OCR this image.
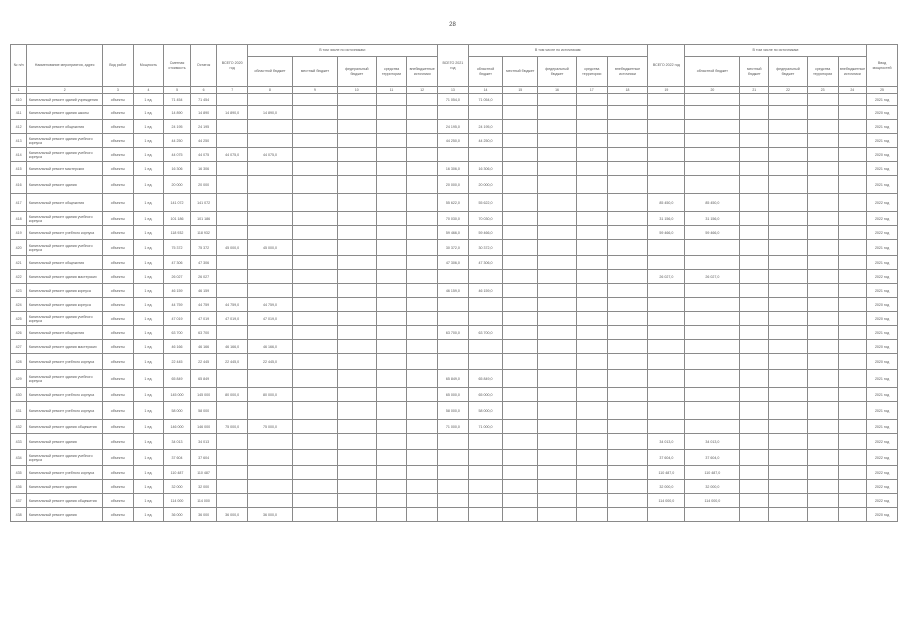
28
№ п/п	Наименование мероприятия, адрес	Вид работ	Мощность	Сметная стоимость	Остаток	ВСЕГО 2020 год	В том числе по источникам:					ВСЕГО 2021 год	В том числе по источникам:					ВСЕГО 2022 год	В том числе по источникам:					Ввод мощностей
							областной бюджет	местный бюджет	федеральный бюджет	средства территории	внебюджетные источники		областной бюджет	местный бюджет	федеральный бюджет	средства территории	внебюджетные источники		областной бюджет	местный бюджет	федеральный бюджет	средства территории	внебюджетные источники	
1	2	3	4	5	6	7	8	9	10	11	12	13	14	15	16	17	18	19	20	21	22	23	24	25
410	Капитальный ремонт зданий учреждения	объекты	1 ед.	71 454	71 454							71 054,0	71 054,0											2021 год
411	Капитальный ремонт здания школы	объекты	1 ед.	14 890	14 890	14 890,0	14 890,0																	2020 год
412	Капитальный ремонт общежития	объекты	1 ед.	24 195	24 195							24 195,0	24 195,0											2021 год
413	Капитальный ремонт здания учебного корпуса	объекты	1 ед.	44 250	44 250							44 250,0	44 250,0											2021 год
414	Капитальный ремонт здания учебного корпуса	объекты	1 ед.	44 075	44 075	44 075,0	44 075,0																	2020 год
415	Капитальный ремонт мастерских	объекты	1 ед.	16 306	16 306							16 306,0	16 306,0											2021 год
416	Капитальный ремонт здания	объекты	1 ед.	20 000	20 000							20 000,0	20 000,0											2021 год
417	Капитальный ремонт общежития	объекты	1 ед.	141 072	141 072							55 622,0	55 622,0					85 450,0	85 450,0					2022 год
418	Капитальный ремонт здания учебного корпуса	объекты	1 ед.	101 186	101 186							70 030,0	70 030,0					31 156,0	31 156,0					2022 год
419	Капитальный ремонт учебного корпуса	объекты	1 ед.	118 932	118 932							59 466,0	59 466,0					59 466,0	59 466,0					2022 год
420	Капитальный ремонт здания учебного корпуса	объекты	1 ед.	75 372	75 372	45 000,0	45 000,0					30 372,0	30 372,0											2021 год
421	Капитальный ремонт общежития	объекты	1 ед.	47 306	47 306							47 306,0	47 306,0											2021 год
422	Капитальный ремонт здания мастерских	объекты	1 ед.	26 027	26 027													26 027,0	26 027,0					2022 год
423	Капитальный ремонт здания корпуса	объекты	1 ед.	46 159	46 159							46 159,0	46 159,0											2021 год
424	Капитальный ремонт здания корпуса	объекты	1 ед.	44 759	44 759	44 759,0	44 759,0																	2020 год
425	Капитальный ремонт здания учебного корпуса	объекты	1 ед.	47 019	47 019	47 019,0	47 019,0																	2020 год
426	Капитальный ремонт общежития	объекты	1 ед.	63 700	63 700							63 700,0	63 700,0											2021 год
427	Капитальный ремонт здания мастерских	объекты	1 ед.	46 166	46 166	46 166,0	46 166,0																	2020 год
428	Капитальный ремонт учебного корпуса	объекты	1 ед.	22 445	22 445	22 445,0	22 445,0																	2020 год
429	Капитальный ремонт здания учебного корпуса	объекты	1 ед.	65 849	65 849							65 849,0	65 849,0											2021 год
430	Капитальный ремонт учебного корпуса	объекты	1 ед.	145 000	145 000	80 000,0	80 000,0					65 000,0	65 000,0											2021 год
431	Капитальный ремонт учебного корпуса	объекты	1 ед.	58 000	58 000							58 000,0	58 000,0											2021 год
432	Капитальный ремонт здания общежития	объекты	1 ед.	146 000	146 000	75 000,0	75 000,0					71 000,0	71 000,0											2021 год
433	Капитальный ремонт здания	объекты	1 ед.	34 013	34 013													34 013,0	34 013,0					2022 год
434	Капитальный ремонт здания учебного корпуса	объекты	1 ед.	37 604	37 604													37 604,0	37 604,0					2022 год
435	Капитальный ремонт учебного корпуса	объекты	1 ед.	110 487	110 487													110 487,0	110 487,0					2022 год
436	Капитальный ремонт здания	объекты	1 ед.	32 000	32 000													32 000,0	32 000,0					2022 год
437	Капитальный ремонт здания общежития	объекты	1 ед.	114 000	114 000													114 000,0	114 000,0					2022 год
438	Капитальный ремонт здания	объекты	1 ед.	36 000	36 000	36 000,0	36 000,0																	2020 год
